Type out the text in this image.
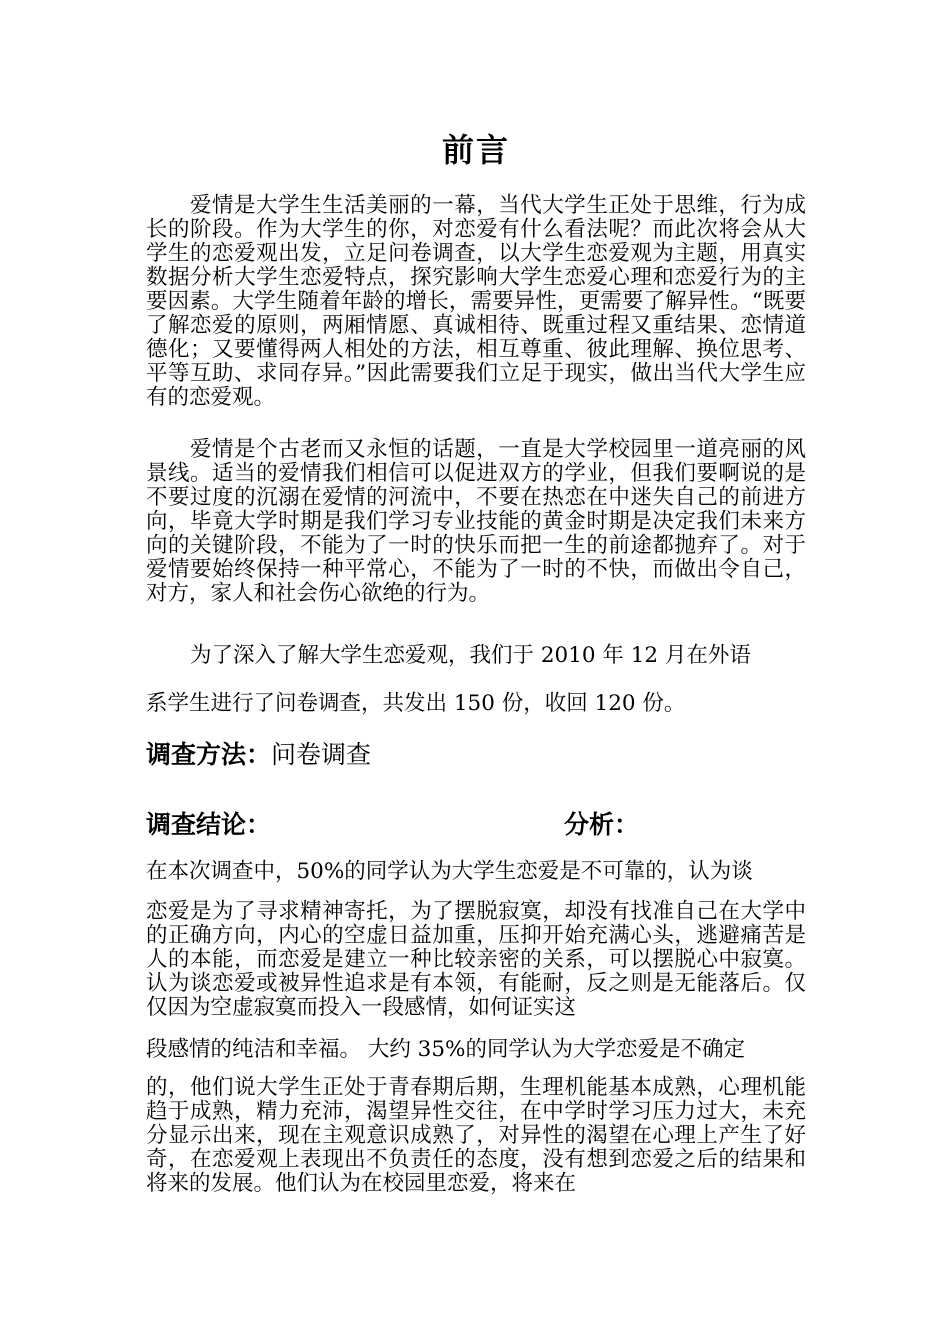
前言

爱情是大学生生活美丽的一幕，当代大学生正处于思维，行为成长的阶段。作为大学生的你，对恋爱有什么看法呢？而此次将会从大学生的恋爱观出发，立足问卷调查，以大学生恋爱观为主题，用真实数据分析大学生恋爱特点，探究影响大学生恋爱心理和恋爱行为的主要因素。大学生随着年龄的增长，需要异性，更需要了解异性。“既要了解恋爱的原则，两厢情愿、真诚相待、既重过程又重结果、恋情道德化；又要懂得两人相处的方法，相互尊重、彼此理解、换位思考、平等互助、求同存异。”因此需要我们立足于现实，做出当代大学生应有的恋爱观。

爱情是个古老而又永恒的话题，一直是大学校园里一道亮丽的风景线。适当的爱情我们相信可以促进双方的学业，但我们要啊说的是不要过度的沉溺在爱情的河流中，不要在热恋在中迷失自己的前进方向，毕竟大学时期是我们学习专业技能的黄金时期是决定我们未来方向的关键阶段，不能为了一时的快乐而把一生的前途都抛弃了。对于爱情要始终保持一种平常心，不能为了一时的不快，而做出令自己，对方，家人和社会伤心欲绝的行为。

为了深入了解大学生恋爱观，我们于 2010 年 12 月在外语
系学生进行了问卷调查，共发出 150 份，收回 120 份。
调查方法：问卷调查
调查结论：	分析：
在本次调查中，50%的同学认为大学生恋爱是不可靠的，认为谈

恋爱是为了寻求精神寄托，为了摆脱寂寞，却没有找准自己在大学中的正确方向，内心的空虚日益加重，压抑开始充满心头，逃避痛苦是人的本能，而恋爱是建立一种比较亲密的关系，可以摆脱心中寂寞。认为谈恋爱或被异性追求是有本领，有能耐，反之则是无能落后。仅仅因为空虚寂寞而投入一段感情，如何证实这

段感情的纯洁和幸福。 大约 35%的同学认为大学恋爱是不确定

的，他们说大学生正处于青春期后期，生理机能基本成熟，心理机能趋于成熟，精力充沛，渴望异性交往，在中学时学习压力过大，未充分显示出来，现在主观意识成熟了，对异性的渴望在心理上产生了好奇，在恋爱观上表现出不负责任的态度，没有想到恋爱之后的结果和将来的发展。他们认为在校园里恋爱，将来在
